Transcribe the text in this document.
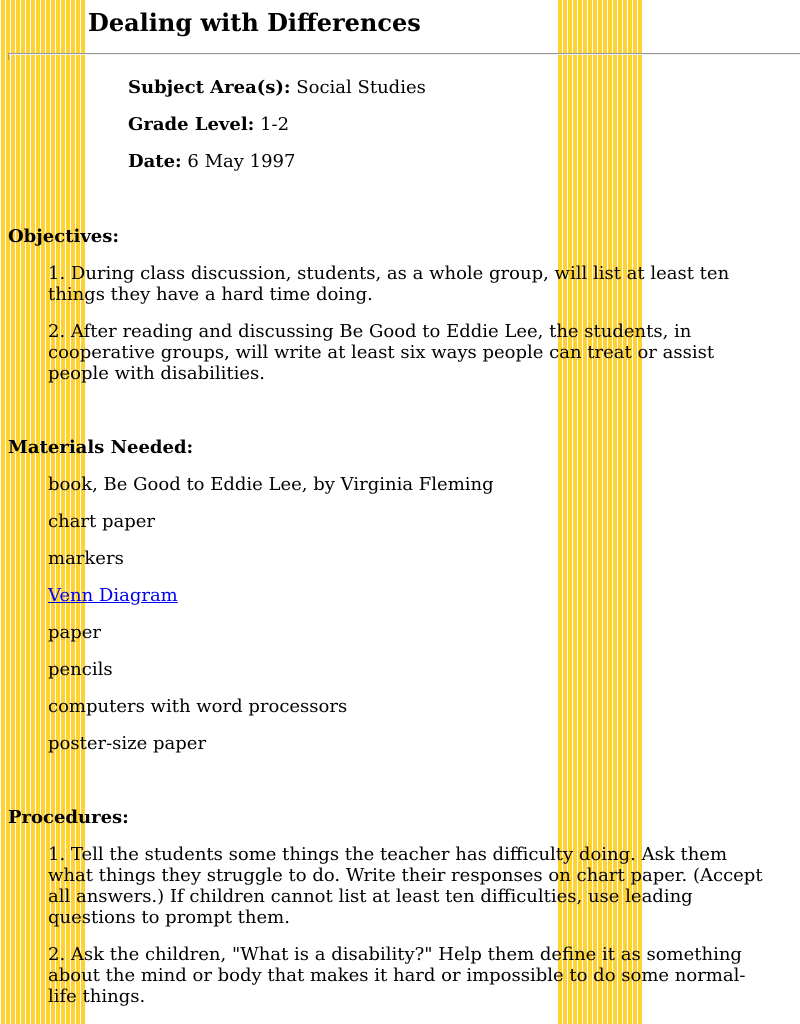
Dealing with Differences

Subject Area(s): Social Studies

Grade Level: 1-2

Date: 6 May 1997

Objectives:

1. During class discussion, students, as a whole group, will list at least ten things they have a hard time doing.

2. After reading and discussing Be Good to Eddie Lee, the students, in cooperative groups, will write at least six ways people can treat or assist people with disabilities.

Materials Needed:

book, Be Good to Eddie Lee, by Virginia Fleming

chart paper

markers

Venn Diagram

paper

pencils

computers with word processors

poster-size paper

Procedures:

1. Tell the students some things the teacher has difficulty doing. Ask them what things they struggle to do. Write their responses on chart paper. (Accept all answers.) If children cannot list at least ten difficulties, use leading questions to prompt them.

2. Ask the children, "What is a disability?" Help them define it as something about the mind or body that makes it hard or impossible to do some normal-life things.
